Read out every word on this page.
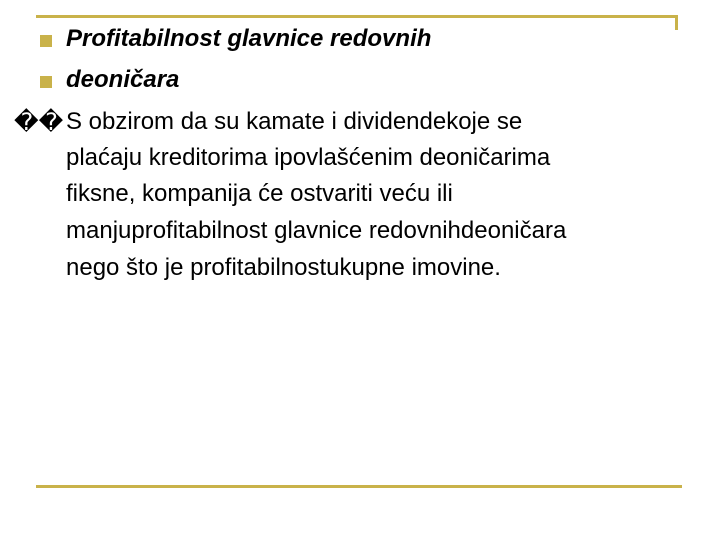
Profitabilnost glavnice redovnih
deoničara
�� S obzirom da su kamate i dividendekoje se
plaćaju kreditorima ipovlašćenim deoničarima
fiksne, kompanija će ostvariti veću ili
manjuprofitabilnost glavnice redovnihdeoničara
nego što je profitabilnostukupne imovine.
